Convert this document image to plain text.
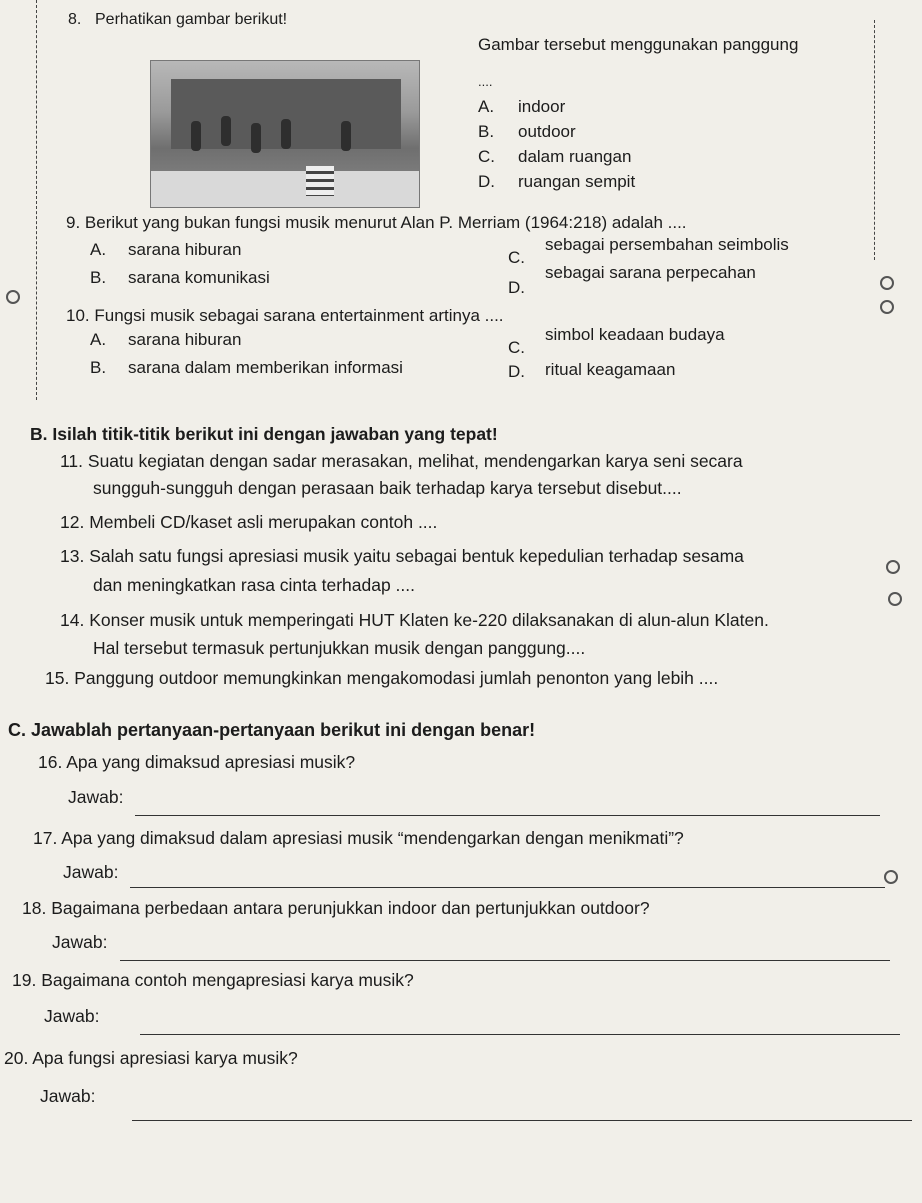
8. Perhatikan gambar berikut!
Gambar tersebut menggunakan panggung
....
A. indoor
B. outdoor
C. dalam ruangan
D. ruangan sempit
9. Berikut yang bukan fungsi musik menurut Alan P. Merriam (1964:218) adalah ....
A. sarana hiburan
B. sarana komunikasi
C.
sebagai persembahan seimbolis
D.
sebagai sarana perpecahan
10. Fungsi musik sebagai sarana entertainment artinya ....
A. sarana hiburan
B. sarana dalam memberikan informasi
C.
simbol keadaan budaya
D. ritual keagamaan
B. Isilah titik-titik berikut ini dengan jawaban yang tepat!
11. Suatu kegiatan dengan sadar merasakan, melihat, mendengarkan karya seni secara
sungguh-sungguh dengan perasaan baik terhadap karya tersebut disebut....
12. Membeli CD/kaset asli merupakan contoh ....
13. Salah satu fungsi apresiasi musik yaitu sebagai bentuk kepedulian terhadap sesama
dan meningkatkan rasa cinta terhadap ....
14. Konser musik untuk memperingati HUT Klaten ke-220 dilaksanakan di alun-alun Klaten.
Hal tersebut termasuk pertunjukkan musik dengan panggung....
15. Panggung outdoor memungkinkan mengakomodasi jumlah penonton yang lebih ....
C. Jawablah pertanyaan-pertanyaan berikut ini dengan benar!
16. Apa yang dimaksud apresiasi musik?
Jawab:
17. Apa yang dimaksud dalam apresiasi musik “mendengarkan dengan menikmati”?
Jawab:
18. Bagaimana perbedaan antara perunjukkan indoor dan pertunjukkan outdoor?
Jawab:
19. Bagaimana contoh mengapresiasi karya musik?
Jawab:
20. Apa fungsi apresiasi karya musik?
Jawab:
